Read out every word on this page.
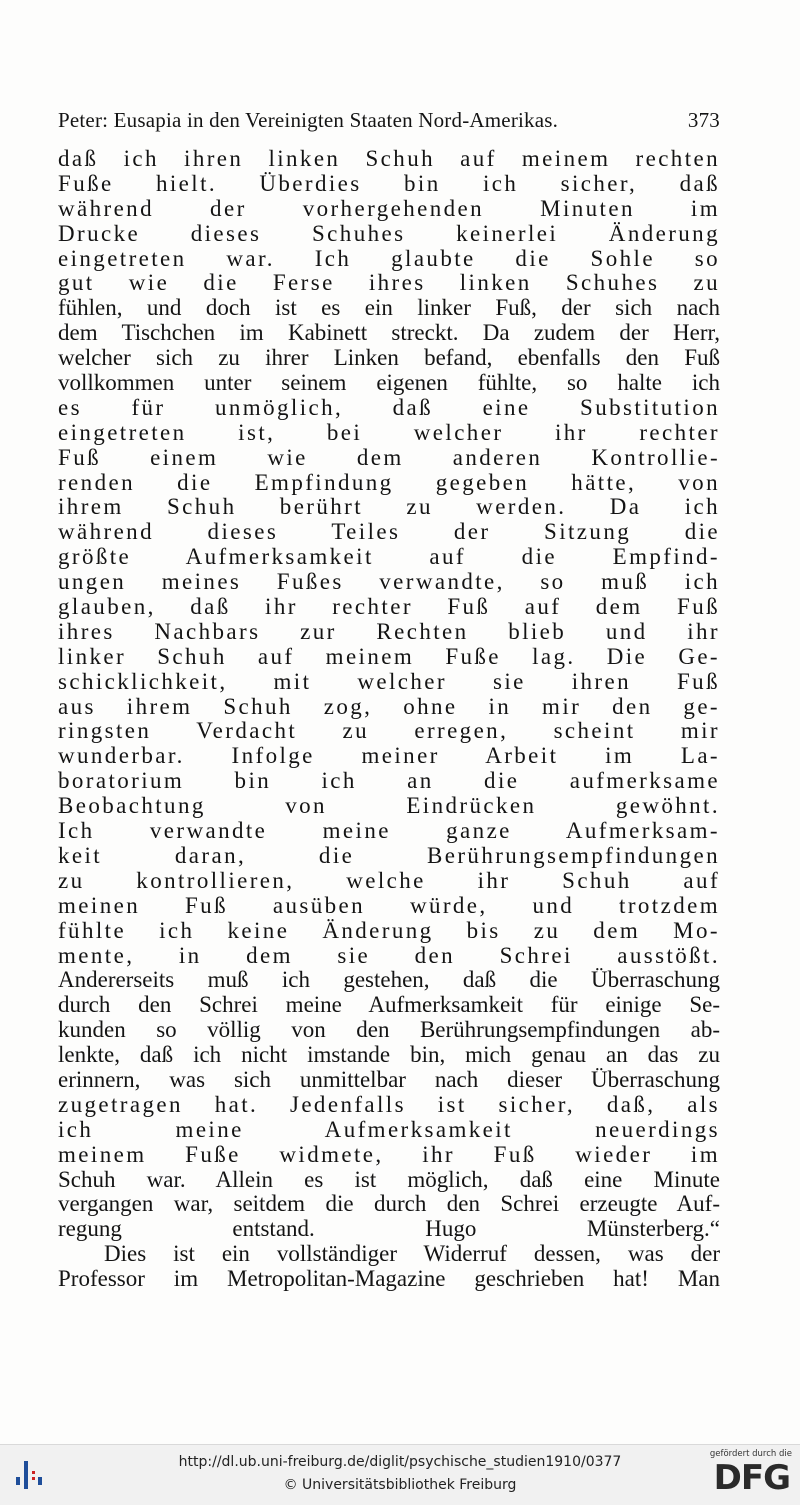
Peter: Eusapia in den Vereinigten Staaten Nord-Amerikas.	373
daß ich ihren linken Schuh auf meinem rechten
Fuße hielt. Überdies bin ich sicher, daß
während der vorhergehenden Minuten im
Drucke dieses Schuhes keinerlei Änderung
eingetreten war. Ich glaubte die Sohle so
gut wie die Ferse ihres linken Schuhes zu
fühlen, und doch ist es ein linker Fuß, der sich nach
dem Tischchen im Kabinett streckt. Da zudem der Herr,
welcher sich zu ihrer Linken befand, ebenfalls den Fuß
vollkommen unter seinem eigenen fühlte, so halte ich
es für unmöglich, daß eine Substitution
eingetreten ist, bei welcher ihr rechter
Fuß einem wie dem anderen Kontrollie-
renden die Empfindung gegeben hätte, von
ihrem Schuh berührt zu werden. Da ich
während dieses Teiles der Sitzung die
größte Aufmerksamkeit auf die Empfind-
ungen meines Fußes verwandte, so muß ich
glauben, daß ihr rechter Fuß auf dem Fuß
ihres Nachbars zur Rechten blieb und ihr
linker Schuh auf meinem Fuße lag. Die Ge-
schicklichkeit, mit welcher sie ihren Fuß
aus ihrem Schuh zog, ohne in mir den ge-
ringsten Verdacht zu erregen, scheint mir
wunderbar. Infolge meiner Arbeit im La-
boratorium bin ich an die aufmerksame
Beobachtung von Eindrücken gewöhnt.
Ich verwandte meine ganze Aufmerksam-
keit daran, die Berührungsempfindungen
zu kontrollieren, welche ihr Schuh auf
meinen Fuß ausüben würde, und trotzdem
fühlte ich keine Änderung bis zu dem Mo-
mente, in dem sie den Schrei ausstößt.
Andererseits muß ich gestehen, daß die Überraschung
durch den Schrei meine Aufmerksamkeit für einige Se-
kunden so völlig von den Berührungsempfindungen ab-
lenkte, daß ich nicht imstande bin, mich genau an das zu
erinnern, was sich unmittelbar nach dieser Überraschung
zugetragen hat. Jedenfalls ist sicher, daß, als
ich meine Aufmerksamkeit neuerdings
meinem Fuße widmete, ihr Fuß wieder im
Schuh war. Allein es ist möglich, daß eine Minute
vergangen war, seitdem die durch den Schrei erzeugte Auf-
regung entstand. Hugo Münsterberg.“
Dies ist ein vollständiger Widerruf dessen, was der
Professor im Metropolitan-Magazine geschrieben hat! Man
http://dl.ub.uni-freiburg.de/diglit/psychische_studien1910/0377
© Universitätsbibliothek Freiburg
gefördert durch die
DFG
